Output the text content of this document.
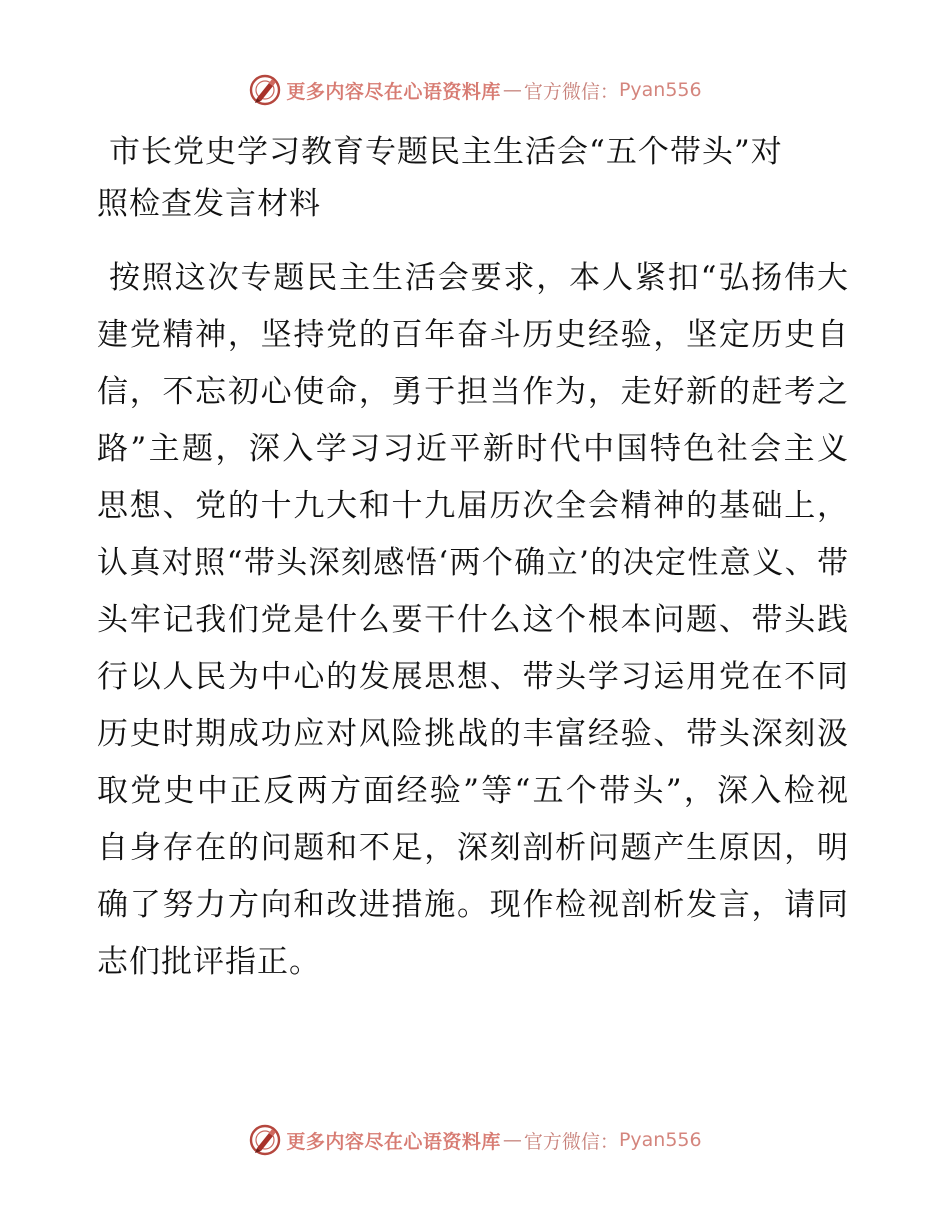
更多内容尽在心语资料库 — 官方微信： Pyan556
市长党史学习教育专题民主生活会“五个带头”对照检查发言材料

按照这次专题民主生活会要求，本人紧扣“弘扬伟大建党精神，坚持党的百年奋斗历史经验，坚定历史自信，不忘初心使命，勇于担当作为，走好新的赶考之路”主题，深入学习习近平新时代中国特色社会主义思想、党的十九大和十九届历次全会精神的基础上，认真对照“带头深刻感悟‘两个确立’的决定性意义、带头牢记我们党是什么要干什么这个根本问题、带头践行以人民为中心的发展思想、带头学习运用党在不同历史时期成功应对风险挑战的丰富经验、带头深刻汲取党史中正反两方面经验”等“五个带头”，深入检视自身存在的问题和不足，深刻剖析问题产生原因，明确了努力方向和改进措施。现作检视剖析发言，请同志们批评指正。

更多内容尽在心语资料库 — 官方微信： Pyan556
